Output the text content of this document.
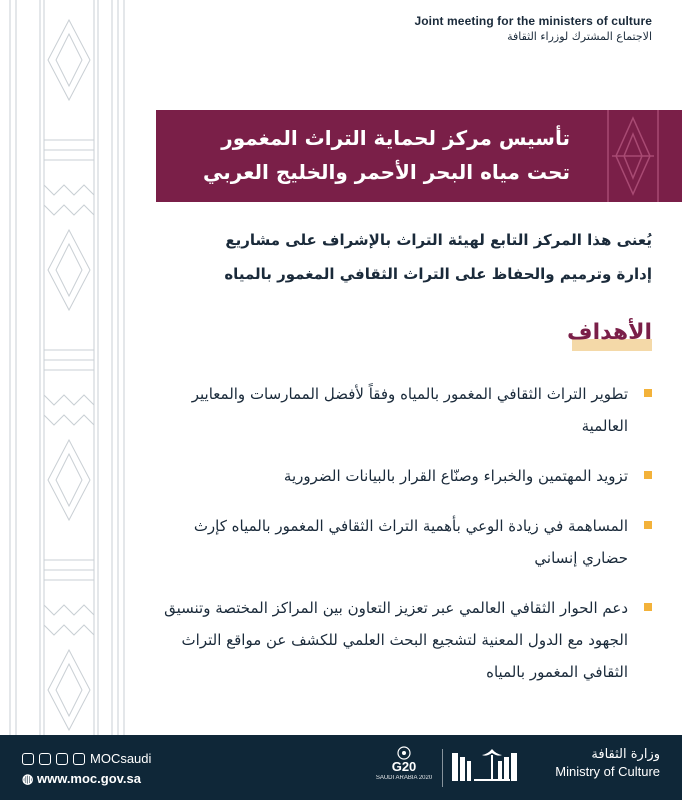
Joint meeting for the ministers of culture
الاجتماع المشترك لوزراء الثقافة
تأسيس مركز لحماية التراث المغمور
تحت مياه البحر الأحمر والخليج العربي
يُعنى هذا المركز التابع لهيئة التراث بالإشراف على مشاريع
إدارة وترميم والحفاظ على التراث الثقافي المغمور بالمياه
الأهداف
تطوير التراث الثقافي المغمور بالمياه وفقاً لأفضل الممارسات والمعايير العالمية
تزويد المهتمين والخبراء وصنّاع القرار بالبيانات الضرورية
المساهمة في زيادة الوعي بأهمية التراث الثقافي المغمور بالمياه كإرث حضاري إنساني
دعم الحوار الثقافي العالمي عبر تعزيز التعاون بين المراكز المختصة وتنسيق الجهود مع الدول المعنية لتشجيع البحث العلمي للكشف عن مواقع التراث الثقافي المغمور بالمياه
MOCsaudi
◍ www.moc.gov.sa
G20
SAUDI ARABIA 2020
وزارة الثقافة
Ministry of Culture
